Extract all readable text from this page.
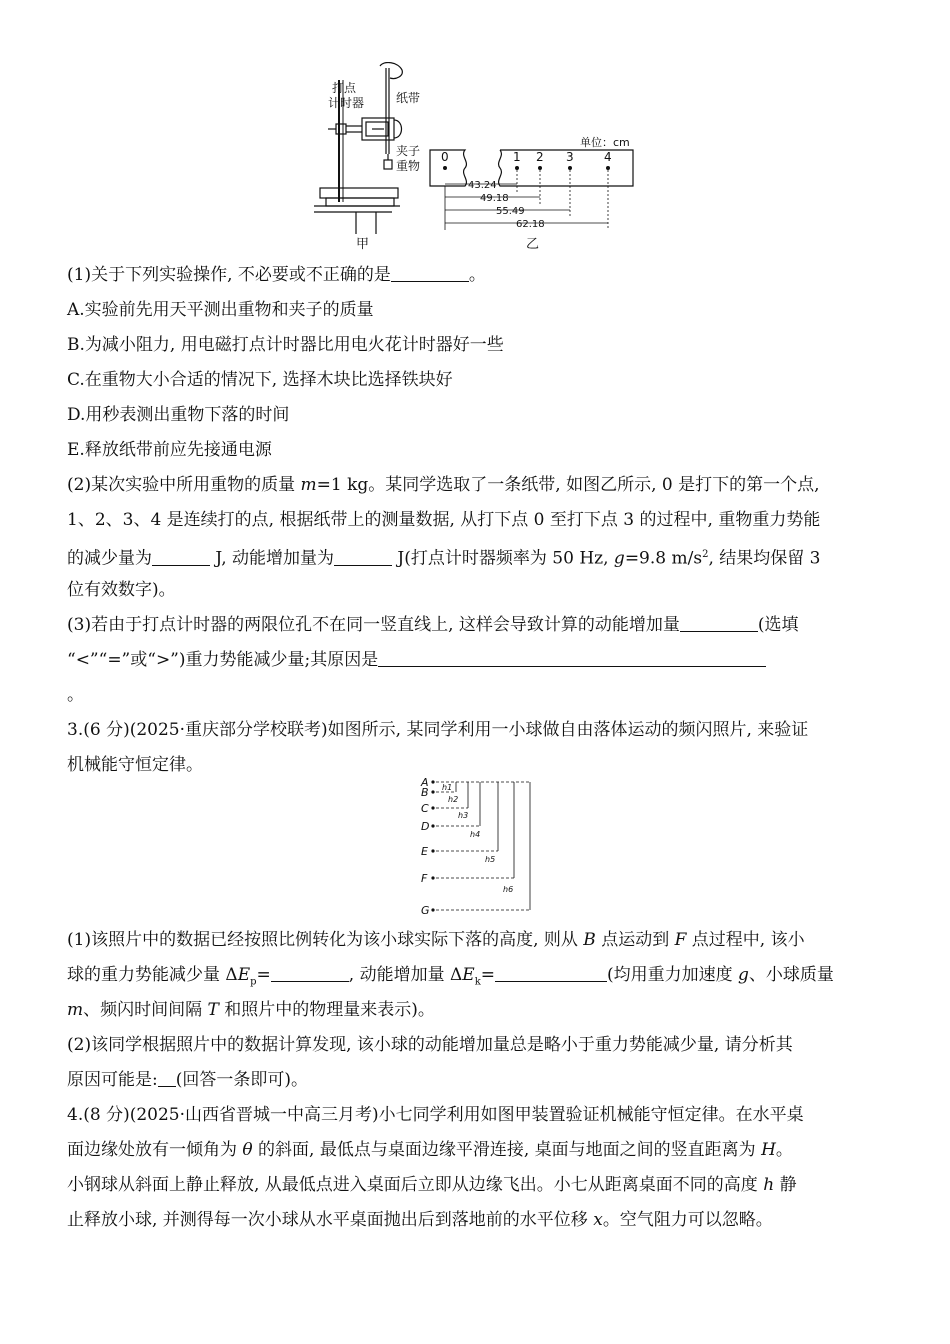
打点
计时器	纸带
夹子
重物
甲
0	1 2 3	4
单位：cm
43.24
49.18
55.49
62.18
乙
(1)关于下列实验操作, 不必要或不正确的是	。
A.实验前先用天平测出重物和夹子的质量
B.为减小阻力, 用电磁打点计时器比用电火花计时器好一些
C.在重物大小合适的情况下, 选择木块比选择铁块好
D.用秒表测出重物下落的时间
E.释放纸带前应先接通电源
(2)某次实验中所用重物的质量 m=1 kg。某同学选取了一条纸带, 如图乙所示, 0 是打下的第一个点,
1、2、3、4 是连续打的点, 根据纸带上的测量数据, 从打下点 0 至打下点 3 的过程中, 重物重力势能
的减少量为	J, 动能增加量为	J(打点计时器频率为 50 Hz, g=9.8 $m/s^2$, 结果均保留 3
位有效数字)。
(3)若由于打点计时器的两限位孔不在同一竖直线上, 这样会导致计算的动能增加量	(选填
“<”“=”或“>”)重力势能减少量;其原因是
。
3.(6 分)(2025·重庆部分学校联考)如图所示, 某同学利用一小球做自由落体运动的频闪照片, 来验证
机械能守恒定律。
A
B
C
D
E
F
G
h1
h2
h3
h4
h5
h6
(1)该照片中的数据已经按照比例转化为该小球实际下落的高度, 则从 B 点运动到 F 点过程中, 该小
球的重力势能减少量 $\Delta E_p=$	, 动能增加量 $\Delta E_k=$	(均用重力加速度 g、小球质量
m、频闪时间间隔 T 和照片中的物理量来表示)。
(2)该同学根据照片中的数据计算发现, 该小球的动能增加量总是略小于重力势能减少量, 请分析其
原因可能是: (回答一条即可)。
4.(8 分)(2025·山西省晋城一中高三月考)小七同学利用如图甲装置验证机械能守恒定律。在水平桌
面边缘处放有一倾角为 θ 的斜面, 最低点与桌面边缘平滑连接, 桌面与地面之间的竖直距离为 H。
小钢球从斜面上静止释放, 从最低点进入桌面后立即从边缘飞出。小七从距离桌面不同的高度 h 静
止释放小球, 并测得每一次小球从水平桌面抛出后到落地前的水平位移 x。空气阻力可以忽略。
